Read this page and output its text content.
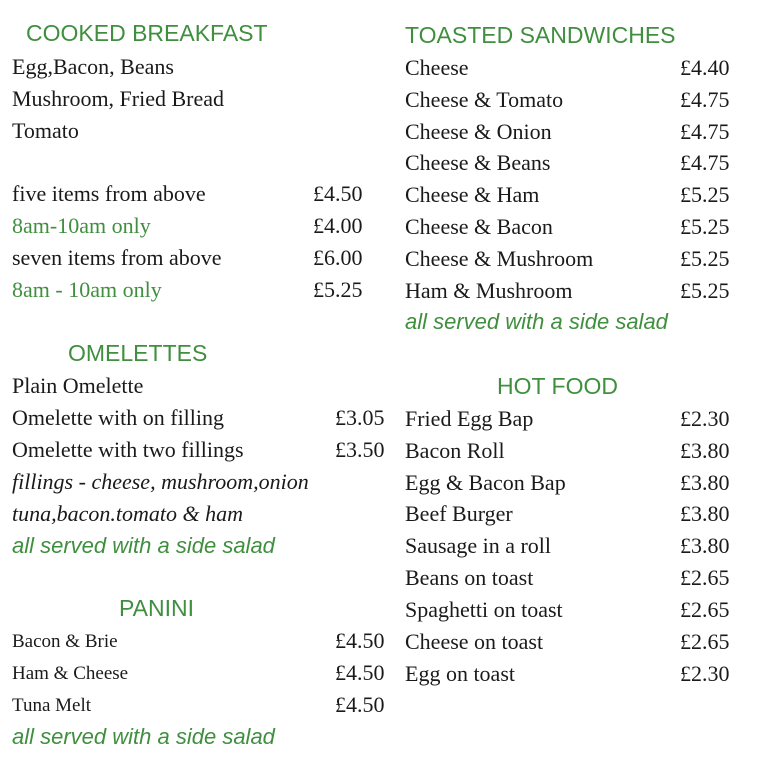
COOKED BREAKFAST
Egg,Bacon, Beans
Mushroom, Fried Bread
Tomato
five items from above	£4.50
8am-10am only	£4.00
seven items from above	£6.00
8am - 10am only	£5.25
OMELETTES
Plain Omelette
Omelette with on filling	£3.05
Omelette with two fillings	£3.50
fillings - cheese, mushroom,onion
tuna,bacon.tomato & ham
all served with a side salad
PANINI
Bacon & Brie	£4.50
Ham & Cheese	£4.50
Tuna Melt	£4.50
all served with a side salad
TOASTED SANDWICHES
Cheese	£4.40
Cheese & Tomato	£4.75
Cheese & Onion	£4.75
Cheese & Beans	£4.75
Cheese & Ham	£5.25
Cheese & Bacon	£5.25
Cheese & Mushroom	£5.25
Ham & Mushroom	£5.25
all served with a side salad
HOT FOOD
Fried Egg Bap	£2.30
Bacon Roll	£3.80
Egg & Bacon Bap	£3.80
Beef Burger	£3.80
Sausage in a roll	£3.80
Beans on toast	£2.65
Spaghetti on toast	£2.65
Cheese on toast	£2.65
Egg on toast	£2.30
